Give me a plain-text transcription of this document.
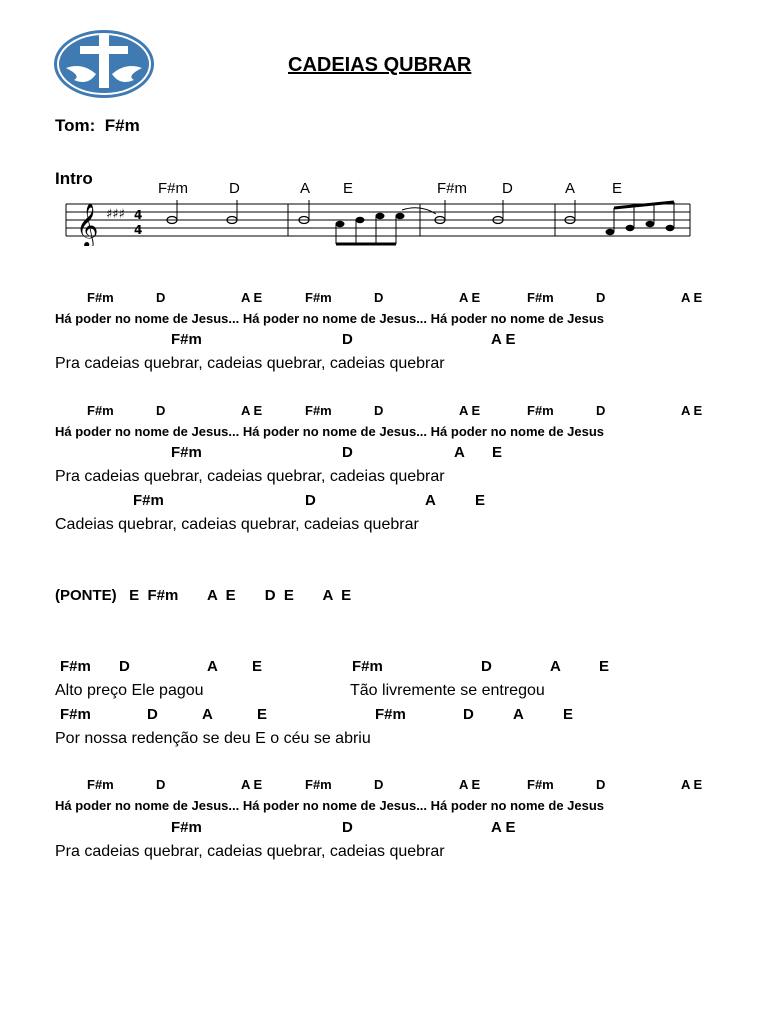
CADEIAS QUBRAR
Tom:  F#m
Intro
F#m	D	A E	F#m D	A E
𝄞 ♯♯♯ 4
4
F#m	D	A E	F#m	D	A E	F#m	D	A E
Há poder no nome de Jesus... Há poder no nome de Jesus... Há poder no nome de Jesus
F#m	D	A E
Pra cadeias quebrar, cadeias quebrar, cadeias quebrar
F#m	D	A E	F#m	D	A E	F#m	D	A E
Há poder no nome de Jesus... Há poder no nome de Jesus... Há poder no nome de Jesus
F#m	D	A E
Pra cadeias quebrar, cadeias quebrar, cadeias quebrar
F#m	D	A	E
Cadeias quebrar, cadeias quebrar, cadeias quebrar
(PONTE)   E  F#m       A  E       D  E       A  E
F#m D	A E	F#m	D	A	E
Alto preço Ele pagou	Tão livremente se entregou
F#m	D	A	E	F#m	D	A	E
Por nossa redenção se deu E o céu se abriu
F#m	D	A E	F#m	D	A E	F#m	D	A E
Há poder no nome de Jesus... Há poder no nome de Jesus... Há poder no nome de Jesus
F#m	D	A E
Pra cadeias quebrar, cadeias quebrar, cadeias quebrar
